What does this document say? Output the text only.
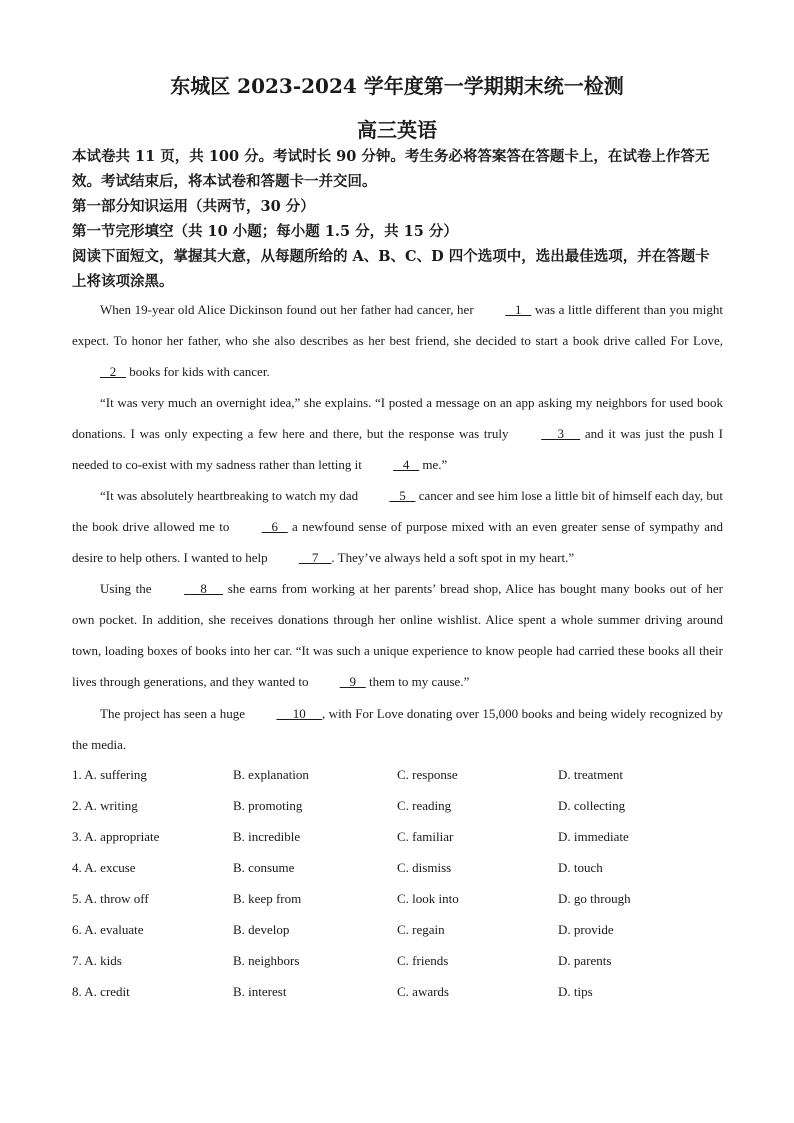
东城区 2023-2024 学年度第一学期期末统一检测
高三英语
本试卷共 11 页，共 100 分。考试时长 90 分钟。考生务必将答案答在答题卡上，在试卷上作答无效。考试结束后，将本试卷和答题卡一并交回。
第一部分知识运用（共两节，30 分）
第一节完形填空（共 10 小题；每小题 1.5 分，共 15 分）
阅读下面短文，掌握其大意，从每题所给的 A、B、C、D 四个选项中，选出最佳选项，并在答题卡上将该项涂黑。
When 19-year old Alice Dickinson found out her father had cancer, her    1    was a little different than you might expect. To honor her father, who she also describes as her best friend, she decided to start a book drive called For Love,    2    books for kids with cancer.
“It was very much an overnight idea,” she explains. “I posted a message on an app asking my neighbors for used book donations. I was only expecting a few here and there, but the response was truly      3      and it was just the push I needed to co-exist with my sadness rather than letting it    4    me.”
“It was absolutely heartbreaking to watch my dad    5    cancer and see him lose a little bit of himself each day, but the book drive allowed me to    6    a newfound sense of purpose mixed with an even greater sense of sympathy and desire to help others. I wanted to help     7    . They’ve always held a soft spot in my heart.”
Using the      8      she earns from working at her parents’ bread shop, Alice has bought many books out of her own pocket. In addition, she receives donations through her online wishlist. Alice spent a whole summer driving around town, loading boxes of books into her car. “It was such a unique experience to know people had carried these books all their lives through generations, and they wanted to    9    them to my cause.”
The project has seen a huge      10     , with For Love donating over 15,000 books and being widely recognized by the media.
1. A. suffering	B. explanation	C. response	D. treatment
2. A. writing	B. promoting	C. reading	D. collecting
3. A. appropriate	B. incredible	C. familiar	D. immediate
4. A. excuse	B. consume	C. dismiss	D. touch
5. A. throw off	B. keep from	C. look into	D. go through
6. A. evaluate	B. develop	C. regain	D. provide
7. A. kids	B. neighbors	C. friends	D. parents
8. A. credit	B. interest	C. awards	D. tips
